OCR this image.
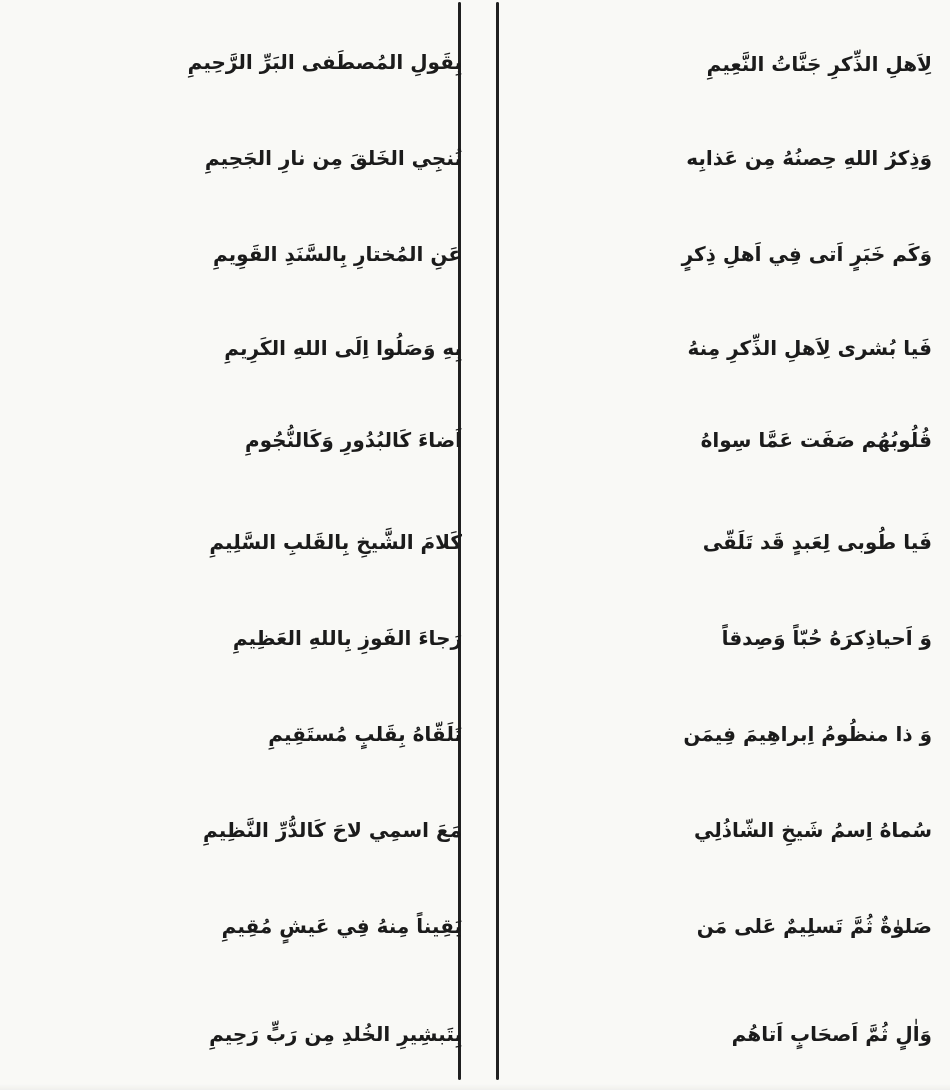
لِاَهلِ الذِّكرِ جَنَّاتُ النَّعِيمِ
وَذِكرُ اللهِ حِصنُهُ مِن عَذابِه
وَكَم خَبَرٍ اَتى فِي اَهلِ ذِكرٍ
فَيا بُشرى لِاَهلِ الذِّكرِ مِنهُ
قُلُوبُهُم صَفَت عَمَّا سِواهُ
فَيا طُوبى لِعَبدٍ قَد تَلَقّى
وَ اَحياذِكرَهُ حُبّاً وَصِدقاً
وَ ذا منظُومُ اِبراهِيمَ فِيمَن
سُماهُ اِسمُ شَيخِ الشّاذُلِي
صَلوٰةٌ ثُمَّ تَسلِيمٌ عَلى مَن
وَاٰلٍ ثُمَّ اَصحَابٍ اَتاهُم
بِقَولِ المُصطَفى البَرِّ الرَّحِيمِ
نُنجِي الخَلقَ مِن نارِ الجَحِيمِ
عَنِ المُختارِ بِالسَّنَدِ القَوِيمِ
بِهِ وَصَلُوا اِلَى اللهِ الكَرِيمِ
اَضاءَ كَالبُدُورِ وَكَالنُّجُومِ
كَلامَ الشَّيخِ بِالقَلبِ السَّلِيمِ
رَجاءَ الفَوزِ بِاللهِ العَظِيمِ
تَلَقّاهُ بِقَلبٍ مُستَقِيمِ
مَعَ اسمِي لاحَ كَالدُّرِّ النَّظِيمِ
يَقِيناً مِنهُ فِي عَيشٍ مُقِيمِ
بِتَبشِيرِ الخُلدِ مِن رَبٍّ رَحِيمِ
